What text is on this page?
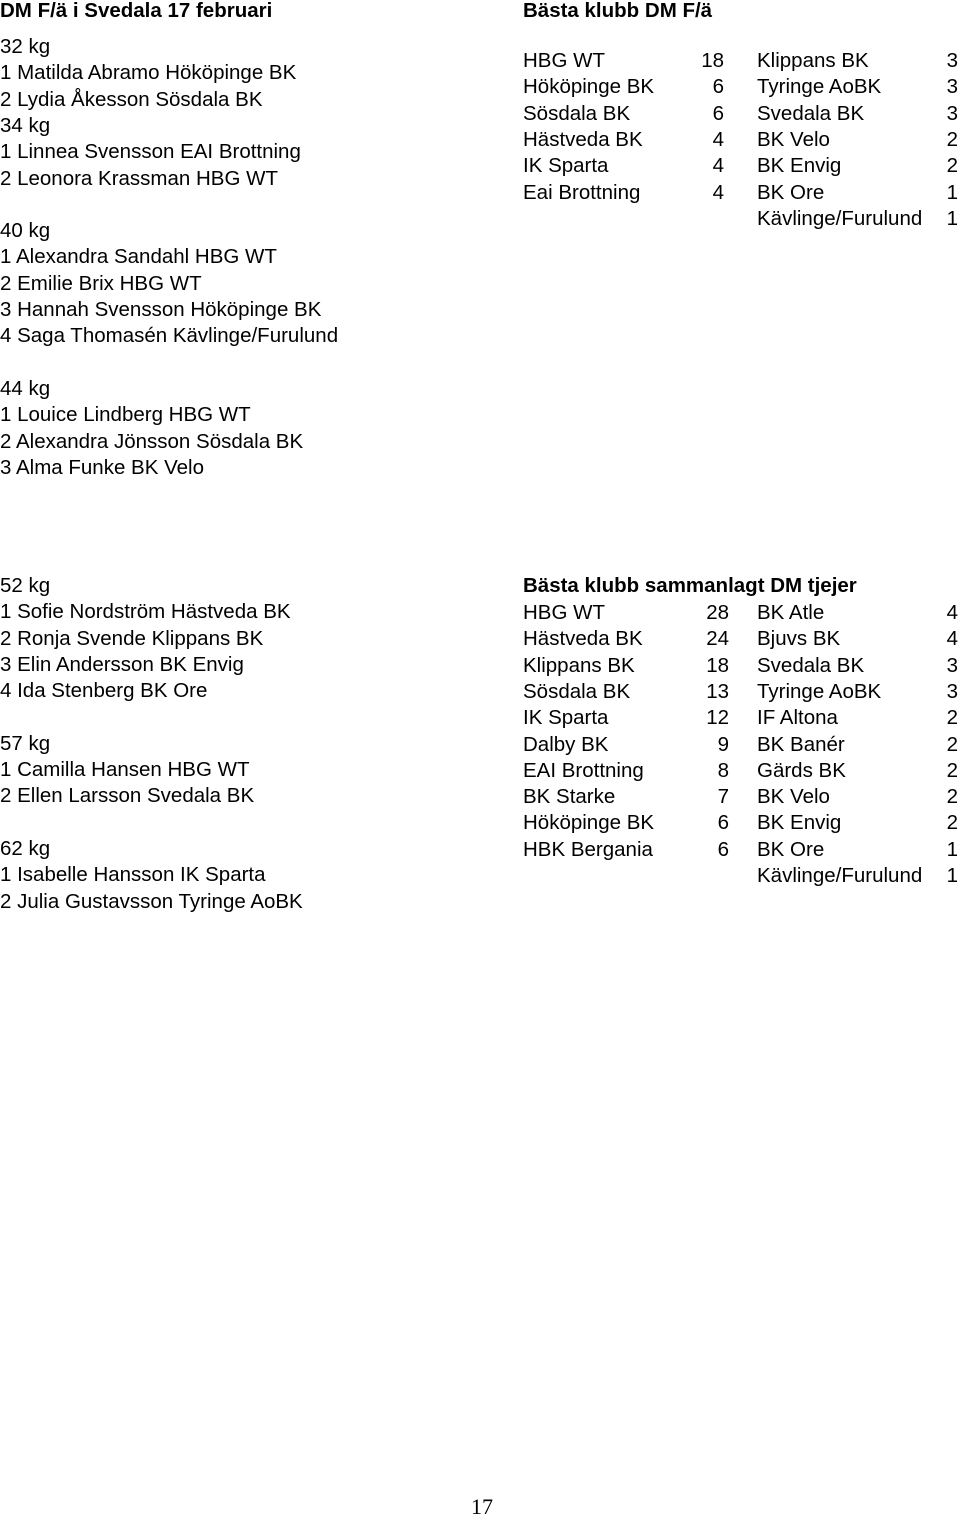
DM F/ä i Svedala 17 februari
32 kg
1 Matilda Abramo Hököpinge BK
2 Lydia Åkesson Sösdala BK
34 kg
1 Linnea Svensson EAI Brottning
2 Leonora Krassman HBG WT
40 kg
1 Alexandra Sandahl HBG WT
2 Emilie Brix HBG WT
3 Hannah Svensson Hököpinge BK
4 Saga Thomasén Kävlinge/Furulund
44 kg
1 Louice Lindberg HBG WT
2 Alexandra Jönsson Sösdala BK
3 Alma Funke BK Velo
52 kg
1 Sofie Nordström Hästveda BK
2 Ronja Svende Klippans BK
3 Elin Andersson BK Envig
4 Ida Stenberg BK Ore
57 kg
1 Camilla Hansen HBG WT
2 Ellen Larsson Svedala BK
62 kg
1 Isabelle Hansson IK Sparta
2 Julia Gustavsson Tyringe AoBK
Bästa klubb DM F/ä
HBG WT	18
Hököpinge BK	6
Sösdala BK	6
Hästveda BK	4
IK Sparta	4
Eai Brottning	4
Klippans BK	3
Tyringe AoBK	3
Svedala BK	3
BK Velo	2
BK Envig	2
BK Ore	1
Kävlinge/Furulund	1
Bästa klubb sammanlagt DM tjejer
HBG WT	28
Hästveda BK	24
Klippans BK	18
Sösdala BK	13
IK Sparta	12
Dalby BK	9
EAI Brottning	8
BK Starke	7
Hököpinge BK	6
HBK Bergania	6
BK Atle	4
Bjuvs BK	4
Svedala BK	3
Tyringe AoBK	3
IF Altona	2
BK Banér	2
Gärds BK	2
BK Velo	2
BK Envig	2
BK Ore	1
Kävlinge/Furulund	1
17
